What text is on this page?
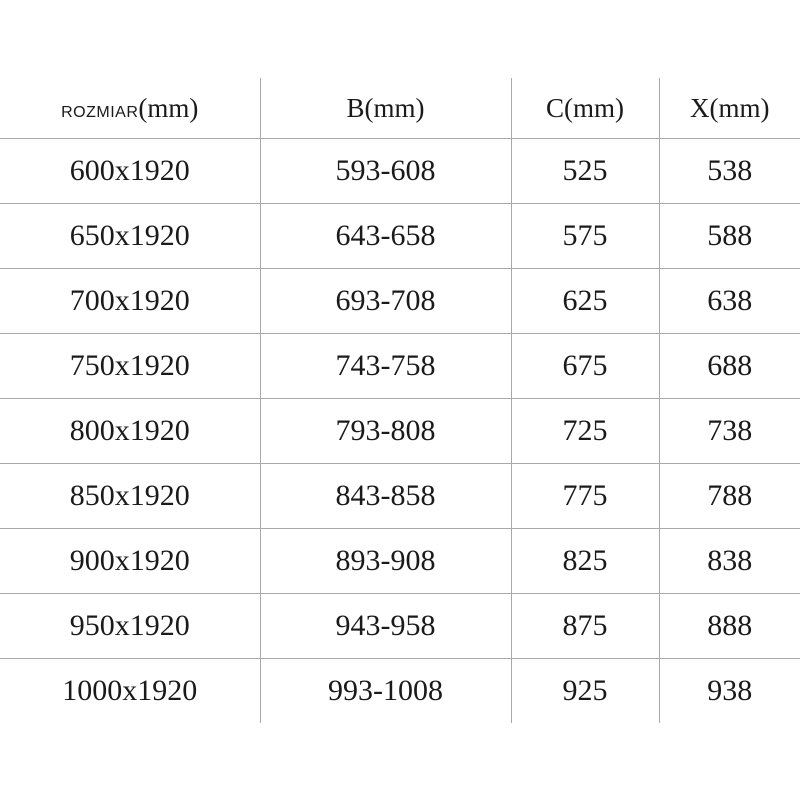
ROZMIAR(mm)	B(mm)	C(mm)	X(mm)
600x1920	593-608	525	538
650x1920	643-658	575	588
700x1920	693-708	625	638
750x1920	743-758	675	688
800x1920	793-808	725	738
850x1920	843-858	775	788
900x1920	893-908	825	838
950x1920	943-958	875	888
1000x1920	993-1008	925	938
